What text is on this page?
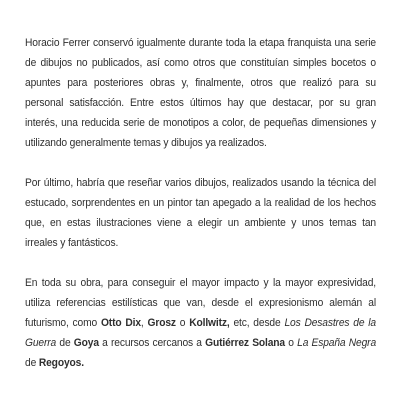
Horacio Ferrer conservó igualmente durante toda la etapa franquista una serie de dibujos no publicados, así como otros que constituían simples bocetos o apuntes para posteriores obras y, finalmente, otros que realizó para su personal satisfacción. Entre estos últimos hay que destacar, por su gran interés, una reducida serie de monotipos a color, de pequeñas dimensiones y utilizando generalmente temas y dibujos ya realizados.

Por último, habría que reseñar varios dibujos, realizados usando la técnica del estucado, sorprendentes en un pintor tan apegado a la realidad de los hechos que, en estas ilustraciones viene a elegir un ambiente y unos temas tan irreales y fantásticos.

En toda su obra, para conseguir el mayor impacto y la mayor expresividad, utiliza referencias estilísticas que van, desde el expresionismo alemán al futurismo, como Otto Dix, Grosz o Kollwitz, etc, desde Los Desastres de la Guerra de Goya a recursos cercanos a Gutiérrez Solana o La España Negra de Regoyos.
